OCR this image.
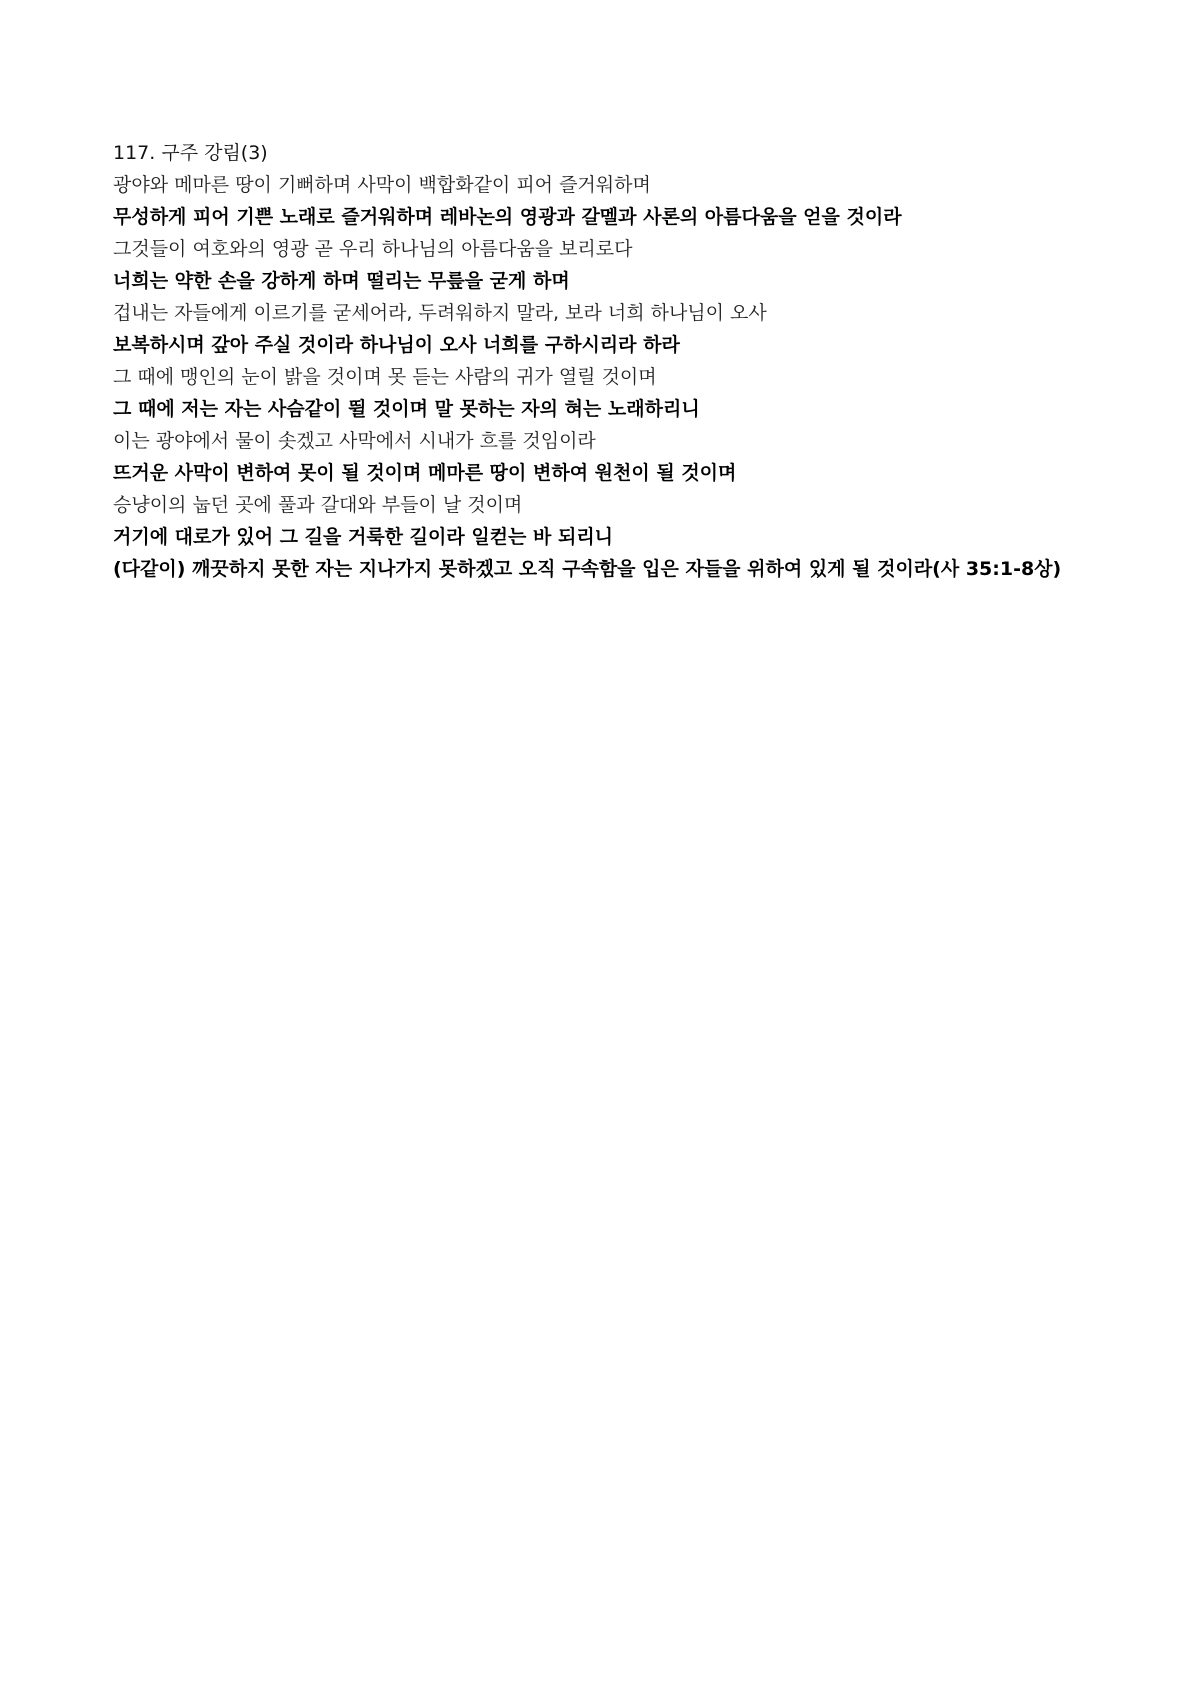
117. 구주 강림(3)

광야와 메마른 땅이 기뻐하며 사막이 백합화같이 피어 즐거워하며

무성하게 피어 기쁜 노래로 즐거워하며 레바논의 영광과 갈멜과 사론의 아름다움을 얻을 것이라

그것들이 여호와의 영광 곧 우리 하나님의 아름다움을 보리로다

너희는 약한 손을 강하게 하며 떨리는 무릎을 굳게 하며

겁내는 자들에게 이르기를 굳세어라, 두려워하지 말라, 보라 너희 하나님이 오사

보복하시며 갚아 주실 것이라 하나님이 오사 너희를 구하시리라 하라

그 때에 맹인의 눈이 밝을 것이며 못 듣는 사람의 귀가 열릴 것이며

그 때에 저는 자는 사슴같이 뛸 것이며 말 못하는 자의 혀는 노래하리니

이는 광야에서 물이 솟겠고 사막에서 시내가 흐를 것임이라

뜨거운 사막이 변하여 못이 될 것이며 메마른 땅이 변하여 원천이 될 것이며

승냥이의 눕던 곳에 풀과 갈대와 부들이 날 것이며

거기에 대로가 있어 그 길을 거룩한 길이라 일컫는 바 되리니

(다같이) 깨끗하지 못한 자는 지나가지 못하겠고 오직 구속함을 입은 자들을 위하여 있게 될 것이라(사 35:1-8상)
